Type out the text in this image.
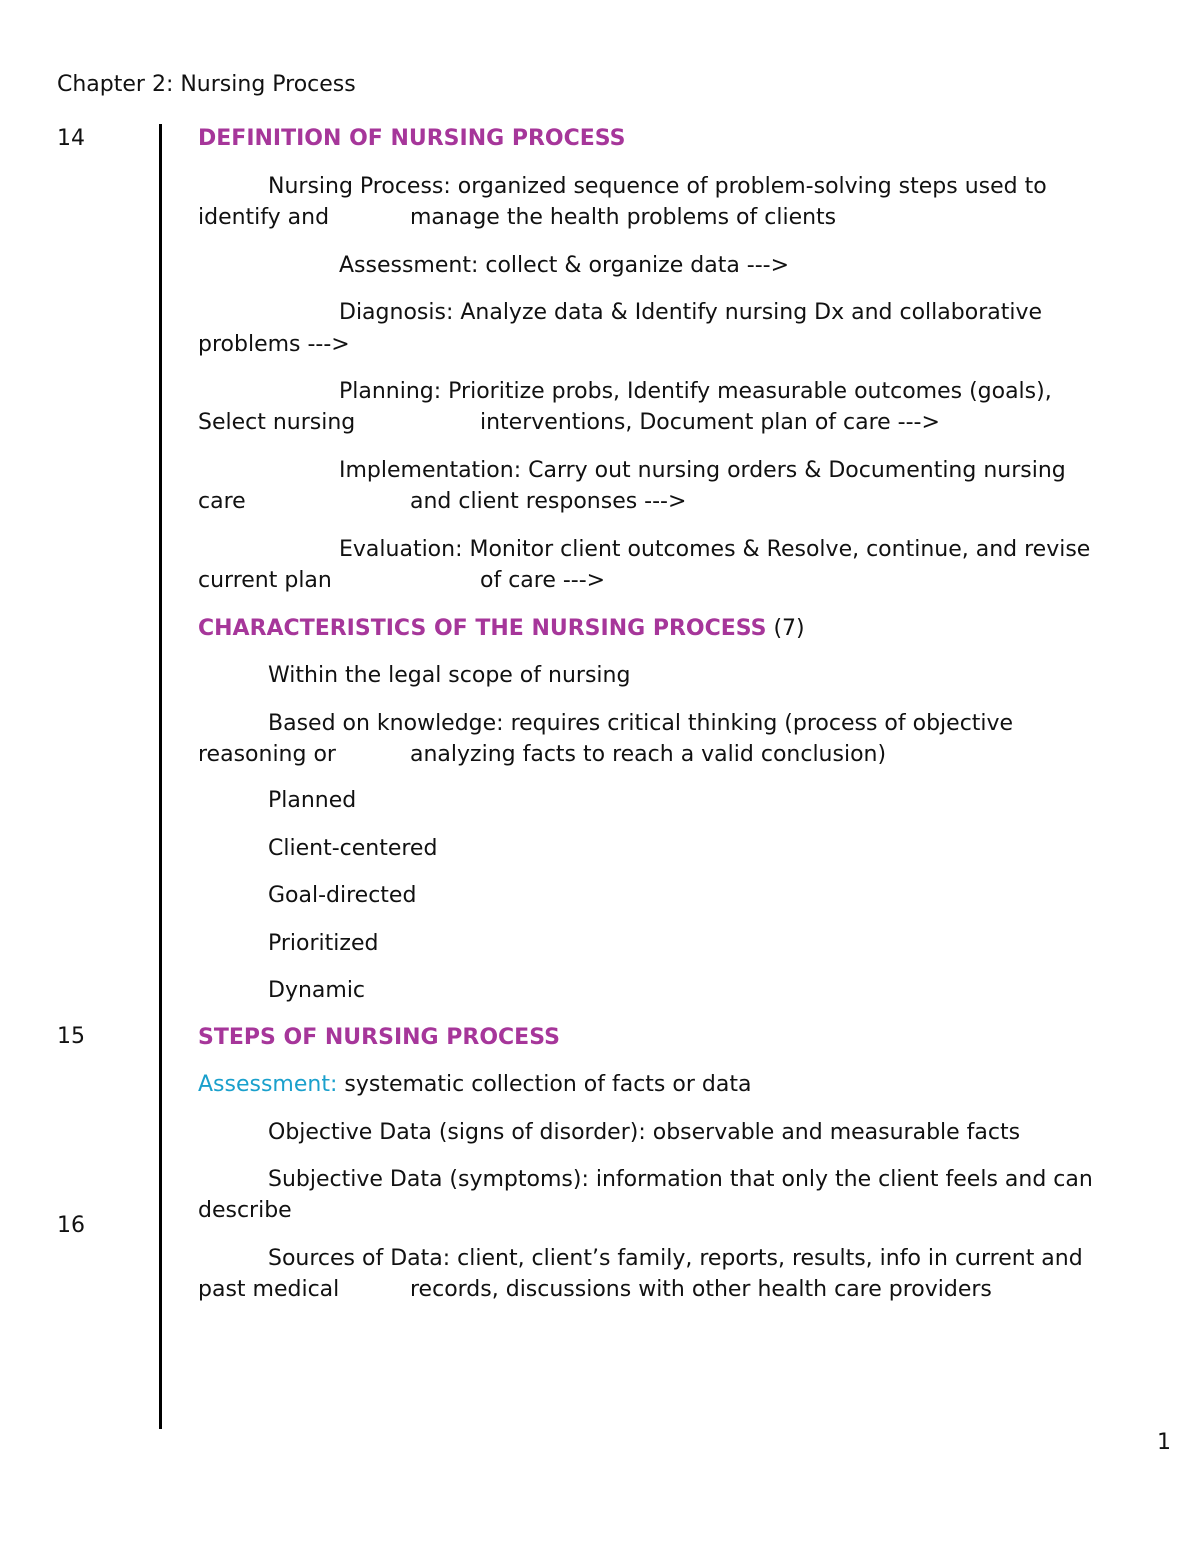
Chapter 2: Nursing Process
14
15
16
DEFINITION OF NURSING PROCESS
Nursing Process: organized sequence of problem-solving steps used to
identify and	manage the health problems of clients
Assessment: collect & organize data --->
Diagnosis: Analyze data & Identify nursing Dx and collaborative
problems --->
Planning: Prioritize probs, Identify measurable outcomes (goals),
Select nursing	interventions, Document plan of care --->
Implementation: Carry out nursing orders & Documenting nursing
care	and client responses --->
Evaluation: Monitor client outcomes & Resolve, continue, and revise
current plan	of care --->
CHARACTERISTICS OF THE NURSING PROCESS (7)
Within the legal scope of nursing
Based on knowledge: requires critical thinking (process of objective
reasoning or	analyzing facts to reach a valid conclusion)
Planned
Client-centered
Goal-directed
Prioritized
Dynamic
STEPS OF NURSING PROCESS
Assessment: systematic collection of facts or data
Objective Data (signs of disorder): observable and measurable facts
Subjective Data (symptoms): information that only the client feels and can
describe
Sources of Data: client, client’s family, reports, results, info in current and
past medical	records, discussions with other health care providers
1
